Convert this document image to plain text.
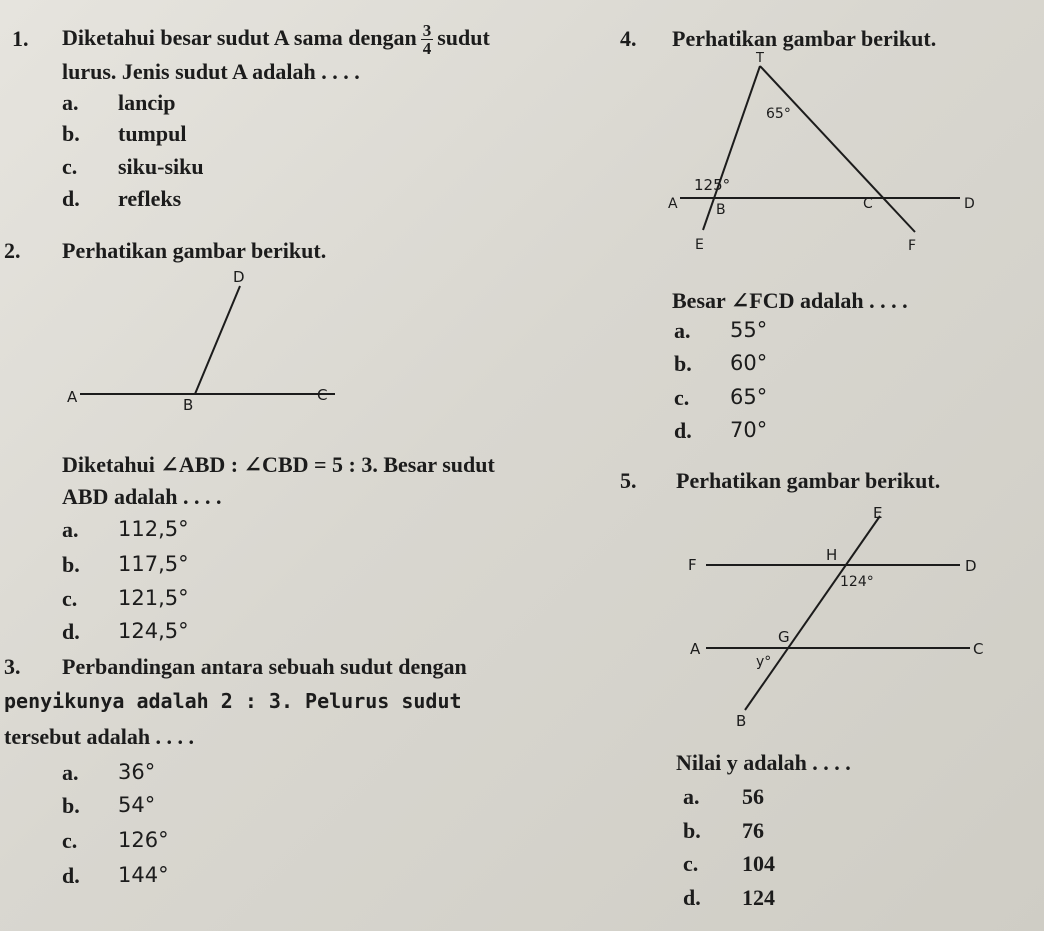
1. Diketahui besar sudut A sama dengan $\frac{3}{4}$ sudut
lurus. Jenis sudut A adalah . . . .
a. lancip
b. tumpul
c. siku-siku
d. refleks
2. Perhatikan gambar berikut.
D
A	B
C
Diketahui ∠ABD : ∠CBD = 5 : 3. Besar sudut
ABD adalah . . . .
a. 112,5°
b. 117,5°
c. 121,5°
d. 124,5°
3. Perbandingan antara sebuah sudut dengan
penyikunya adalah 2 : 3. Pelurus sudut
tersebut adalah . . . .
a. 36°
b. 54°
c. 126°
d. 144°
4. Perhatikan gambar berikut.
T
65°
125°
A	B	C	D
E	F
Besar ∠FCD adalah . . . .
a. 55°
b. 60°
c. 65°
d. 70°
5. Perhatikan gambar berikut.
E
F
H
D
124°
A
G
C
y°
B
Nilai y adalah . . . .
a. 56
b. 76
c. 104
d. 124
